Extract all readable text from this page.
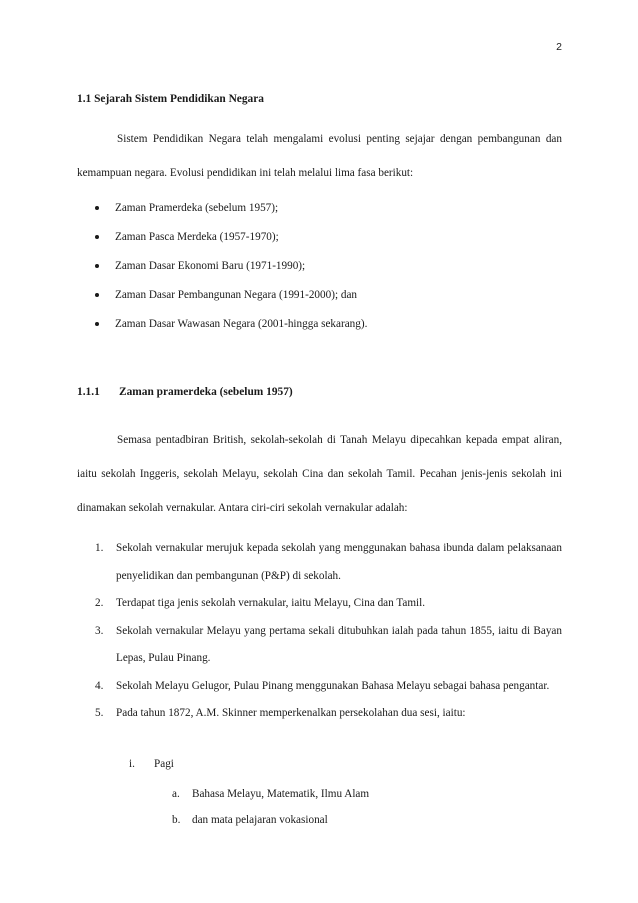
2
1.1 Sejarah Sistem Pendidikan Negara

Sistem Pendidikan Negara telah mengalami evolusi penting sejajar dengan pembangunan dan kemampuan negara. Evolusi pendidikan ini telah melalui lima fasa berikut:

Zaman Pramerdeka (sebelum 1957);
Zaman Pasca Merdeka (1957-1970);
Zaman Dasar Ekonomi Baru (1971-1990);
Zaman Dasar Pembangunan Negara (1991-2000); dan
Zaman Dasar Wawasan Negara (2001-hingga sekarang).
1.1.1 Zaman pramerdeka (sebelum 1957)

Semasa pentadbiran British, sekolah-sekolah di Tanah Melayu dipecahkan kepada empat aliran, iaitu sekolah Inggeris, sekolah Melayu, sekolah Cina dan sekolah Tamil. Pecahan jenis-jenis sekolah ini dinamakan sekolah vernakular. Antara ciri-ciri sekolah vernakular adalah:

1. Sekolah vernakular merujuk kepada sekolah yang menggunakan bahasa ibunda dalam pelaksanaan penyelidikan dan pembangunan (P&P) di sekolah.
2. Terdapat tiga jenis sekolah vernakular, iaitu Melayu, Cina dan Tamil.
3. Sekolah vernakular Melayu yang pertama sekali ditubuhkan ialah pada tahun 1855, iaitu di Bayan Lepas, Pulau Pinang.
4. Sekolah Melayu Gelugor, Pulau Pinang menggunakan Bahasa Melayu sebagai bahasa pengantar.
5. Pada tahun 1872, A.M. Skinner memperkenalkan persekolahan dua sesi, iaitu:
i. Pagi
a. Bahasa Melayu, Matematik, Ilmu Alam
b. dan mata pelajaran vokasional
